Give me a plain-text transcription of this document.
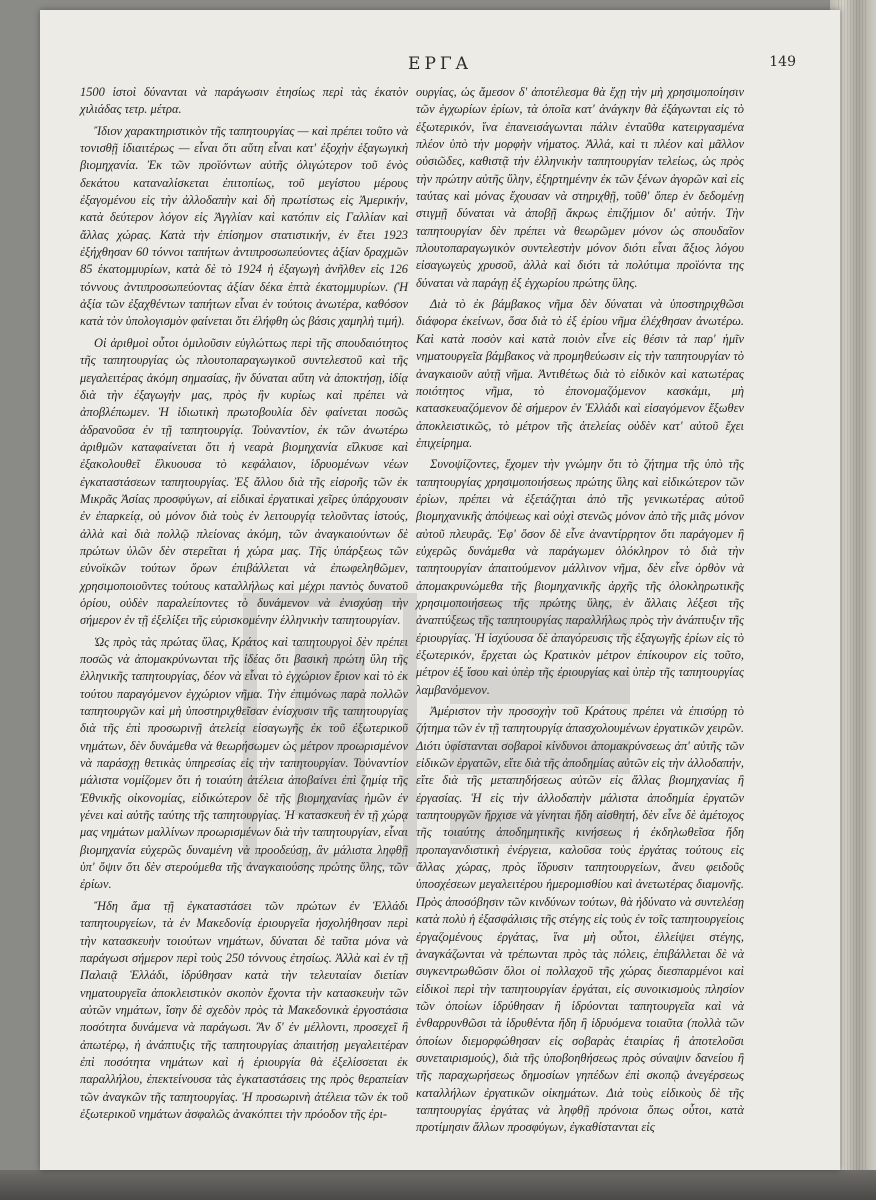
ΕΡΓΑ	149

1500 ἱστοὶ δύνανται νὰ παράγωσιν ἐτησίως περὶ τὰς ἑκατὸν χιλιάδας τετρ. μέτρα.

Ἴδιον χαρακτηριστικὸν τῆς ταπητουργίας — καὶ πρέπει τοῦτο νὰ τονισθῇ ἰδιαιτέρως — εἶναι ὅτι αὕτη εἶναι κατ' ἐξοχὴν ἐξαγωγικὴ βιομηχανία. Ἐκ τῶν προϊόντων αὐτῆς ὀλιγώτερον τοῦ ἑνὸς δεκάτου καταναλίσκεται ἐπιτοπίως, τοῦ μεγίστου μέρους ἐξαγομένου εἰς τὴν ἀλλοδαπὴν καὶ δὴ πρωτίστως εἰς Ἀμερικήν, κατὰ δεύτερον λόγον εἰς Ἀγγλίαν καὶ κατόπιν εἰς Γαλλίαν καὶ ἄλλας χώρας. Κατὰ τὴν ἐπίσημον στατιστικήν, ἐν ἔτει 1923 ἐξήχθησαν 60 τόννοι ταπήτων ἀντιπροσωπεύοντες ἀξίαν δραχμῶν 85 ἑκατομμυρίων, κατὰ δὲ τὸ 1924 ἡ ἐξαγωγὴ ἀνῆλθεν εἰς 126 τόννους ἀντιπροσωπεύοντας ἀξίαν δέκα ἑπτὰ ἑκατομμυρίων. (Ἡ ἀξία τῶν ἐξαχθέντων ταπήτων εἶναι ἐν τούτοις ἀνωτέρα, καθόσον κατὰ τὸν ὑπολογισμὸν φαίνεται ὅτι ἐλήφθη ὡς βάσις χαμηλὴ τιμή).

Οἱ ἀριθμοὶ οὗτοι ὁμιλοῦσιν εὐγλώττως περὶ τῆς σπουδαιότητος τῆς ταπητουργίας ὡς πλουτοπαραγωγικοῦ συντελεστοῦ καὶ τῆς μεγαλειτέρας ἀκόμη σημασίας, ἣν δύναται αὕτη νὰ ἀποκτήσῃ, ἰδίᾳ διὰ τὴν ἐξαγωγὴν μας, πρὸς ἣν κυρίως καὶ πρέπει νὰ ἀποβλέπωμεν. Ἡ ἰδιωτικὴ πρωτοβουλία δὲν φαίνεται ποσῶς ἀδρανοῦσα ἐν τῇ ταπητουργίᾳ. Τοὐναντίον, ἐκ τῶν ἀνωτέρω ἀριθμῶν καταφαίνεται ὅτι ἡ νεαρὰ βιομηχανία εἵλκυσε καὶ ἐξακολουθεῖ ἕλκυουσα τὸ κεφάλαιον, ἱδρυομένων νέων ἐγκαταστάσεων ταπητουργίας. Ἐξ ἄλλου διὰ τῆς εἰσροῆς τῶν ἐκ Μικρᾶς Ἀσίας προσφύγων, αἱ εἰδικαὶ ἐργατικαὶ χεῖρες ὑπάρχουσιν ἐν ἐπαρκείᾳ, οὐ μόνον διὰ τοὺς ἐν λειτουργίᾳ τελοῦντας ἱστούς, ἀλλὰ καὶ διὰ πολλῷ πλείονας ἀκόμη, τῶν ἀναγκαιούντων δὲ πρώτων ὑλῶν δὲν στερεῖται ἡ χώρα μας. Τῆς ὑπάρξεως τῶν εὐνοϊκῶν τούτων ὅρων ἐπιβάλλεται νὰ ἐπωφεληθῶμεν, χρησιμοποιοῦντες τούτους καταλλήλως καὶ μέχρι παντὸς δυνατοῦ ὁρίου, οὐδὲν παραλείποντες τὸ δυνάμενον νὰ ἐνισχύσῃ τὴν σήμερον ἐν τῇ ἐξελίξει τῆς εὐρισκομένην ἑλληνικὴν ταπητουργίαν.

Ὡς πρὸς τὰς πρώτας ὕλας, Κράτος καὶ ταπητουργοὶ δὲν πρέπει ποσῶς νὰ ἀπομακρύνωνται τῆς ἰδέας ὅτι βασικὴ πρώτη ὕλη τῆς ἑλληνικῆς ταπητουργίας, δέον νὰ εἶναι τὸ ἐγχώριον ἔριον καὶ τὸ ἐκ τούτου παραγόμενον ἐγχώριον νῆμα. Τὴν ἐπιμόνως παρὰ πολλῶν ταπητουργῶν καὶ μὴ ὑποστηριχθεῖσαν ἐνίσχυσιν τῆς ταπητουργίας διὰ τῆς ἐπὶ προσωρινῇ ἀτελείᾳ εἰσαγωγῆς ἐκ τοῦ ἐξωτερικοῦ νημάτων, δὲν δυνάμεθα νὰ θεωρήσωμεν ὡς μέτρον προωρισμένον νὰ παράσχῃ θετικὰς ὑπηρεσίας εἰς τὴν ταπητουργίαν. Τοὐναντίον μάλιστα νομίζομεν ὅτι ἡ τοιαύτη ἀτέλεια ἀποβαίνει ἐπὶ ζημίᾳ τῆς Ἐθνικῆς οἰκονομίας, εἰδικώτερον δὲ τῆς βιομηχανίας ἡμῶν ἐν γένει καὶ αὐτῆς ταύτης τῆς ταπητουργίας. Ἡ κατασκευὴ ἐν τῇ χώρᾳ μας νημάτων μαλλίνων προωρισμένων διὰ τὴν ταπητουργίαν, εἶναι βιομηχανία εὐχερῶς δυναμένη νὰ προοδεύσῃ, ἂν μάλιστα ληφθῇ ὑπ' ὄψιν ὅτι δὲν στερούμεθα τῆς ἀναγκαιούσης πρώτης ὕλης, τῶν ἐρίων.

Ἤδη ἅμα τῇ ἐγκαταστάσει τῶν πρώτων ἐν Ἑλλάδι ταπητουργείων, τὰ ἐν Μακεδονίᾳ ἐριουργεῖα ἠσχολήθησαν περὶ τὴν κατασκευὴν τοιούτων νημάτων, δύναται δὲ ταῦτα μόνα νὰ παράγωσι σήμερον περὶ τοὺς 250 τόννους ἐτησίως. Ἀλλὰ καὶ ἐν τῇ Παλαιᾷ Ἑλλάδι, ἱδρύθησαν κατὰ τὴν τελευταίαν διετίαν νηματουργεῖα ἀποκλειστικὸν σκοπὸν ἔχοντα τὴν κατασκευὴν τῶν αὐτῶν νημάτων, ἴσην δὲ σχεδὸν πρὸς τὰ Μακεδονικὰ ἐργοστάσια ποσότητα δυνάμενα νὰ παράγωσι. Ἂν δ' ἐν μέλλοντι, προσεχεῖ ἢ ἀπωτέρῳ, ἡ ἀνάπτυξις τῆς ταπητουργίας ἀπαιτήσῃ μεγαλειτέραν ἐπὶ ποσότητα νημάτων καὶ ἡ ἐριουργία θὰ ἐξελίσσεται ἐκ παραλλήλου, ἐπεκτείνουσα τὰς ἐγκαταστάσεις της πρὸς θεραπείαν τῶν ἀναγκῶν τῆς ταπητουργίας. Ἡ προσωρινὴ ἀτέλεια τῶν ἐκ τοῦ ἐξωτερικοῦ νημάτων ἀσφαλῶς ἀνακόπτει τὴν πρόοδον τῆς ἐρι-

ουργίας, ὡς ἄμεσον δ' ἀποτέλεσμα θὰ ἔχῃ τὴν μὴ χρησιμοποίησιν τῶν ἐγχωρίων ἐρίων, τὰ ὁποῖα κατ' ἀνάγκην θὰ ἐξάγωνται εἰς τὸ ἐξωτερικόν, ἵνα ἐπανεισάγωνται πάλιν ἐνταῦθα κατειργασμένα πλέον ὑπὸ τὴν μορφὴν νήματος. Ἀλλά, καὶ τι πλέον καὶ μᾶλλον οὐσιῶδες, καθιστᾷ τὴν ἑλληνικὴν ταπητουργίαν τελείως, ὡς πρὸς τὴν πρώτην αὐτῆς ὕλην, ἐξηρτημένην ἐκ τῶν ξένων ἀγορῶν καὶ εἰς ταύτας καὶ μόνας ἔχουσαν νὰ στηριχθῇ, τοῦθ' ὅπερ ἐν δεδομένῃ στιγμῇ δύναται νὰ ἀποβῇ ἄκρως ἐπιζήμιον δι' αὐτήν. Τὴν ταπητουργίαν δὲν πρέπει νὰ θεωρῶμεν μόνον ὡς σπουδαῖον πλουτοπαραγωγικὸν συντελεστὴν μόνον διότι εἶναι ἄξιος λόγου εἰσαγωγεὺς χρυσοῦ, ἀλλὰ καὶ διότι τὰ πολύτιμα προϊόντα της δύναται νὰ παράγῃ ἐξ ἐγχωρίου πρώτης ὕλης.

Διὰ τὸ ἐκ βάμβακος νῆμα δὲν δύναται νὰ ὑποστηριχθῶσι διάφορα ἐκείνων, ὅσα διὰ τὸ ἐξ ἐρίου νῆμα ἐλέχθησαν ἀνωτέρω. Καὶ κατὰ ποσὸν καὶ κατὰ ποιὸν εἶνε εἰς θέσιν τὰ παρ' ἡμῖν νηματουργεῖα βάμβακος νὰ προμηθεύωσιν εἰς τὴν ταπητουργίαν τὸ ἀναγκαιοῦν αὐτῇ νῆμα. Ἀντιθέτως διὰ τὸ εἰδικὸν καὶ κατωτέρας ποιότητος νῆμα, τὸ ἐπονομαζόμενον κασκάμι, μὴ κατασκευαζόμενον δὲ σήμερον ἐν Ἑλλάδι καὶ εἰσαγόμενον ἔξωθεν ἀποκλειστικῶς, τὸ μέτρον τῆς ἀτελείας οὐδὲν κατ' αὐτοῦ ἔχει ἐπιχείρημα.

Συνοψίζοντες, ἔχομεν τὴν γνώμην ὅτι τὸ ζήτημα τῆς ὑπὸ τῆς ταπητουργίας χρησιμοποιήσεως πρώτης ὕλης καὶ εἰδικώτερον τῶν ἐρίων, πρέπει νὰ ἐξετάζηται ἀπὸ τῆς γενικωτέρας αὐτοῦ βιομηχανικῆς ἀπόψεως καὶ οὐχὶ στενῶς μόνον ἀπὸ τῆς μιᾶς μόνον αὐτοῦ πλευρᾶς. Ἐφ' ὅσον δὲ εἶνε ἀναντίρρητον ὅτι παράγομεν ἢ εὐχερῶς δυνάμεθα νὰ παράγωμεν ὁλόκληρον τὸ διὰ τὴν ταπητουργίαν ἀπαιτούμενον μάλλινον νῆμα, δὲν εἶνε ὀρθὸν νὰ ἀπομακρυνώμεθα τῆς βιομηχανικῆς ἀρχῆς τῆς ὁλοκληρωτικῆς χρησιμοποιήσεως τῆς πρώτης ὕλης, ἐν ἄλλαις λέξεσι τῆς ἀναπτύξεως τῆς ταπητουργίας παραλλήλως πρὸς τὴν ἀνάπτυξιν τῆς ἐριουργίας. Ἡ ἰσχύουσα δὲ ἀπαγόρευσις τῆς ἐξαγωγῆς ἐρίων εἰς τὸ ἐξωτερικόν, ἔρχεται ὡς Κρατικὸν μέτρον ἐπίκουρον εἰς τοῦτο, μέτρον ἐξ ἴσου καὶ ὑπὲρ τῆς ἐριουργίας καὶ ὑπὲρ τῆς ταπητουργίας λαμβανόμενον.

Ἀμέριστον τὴν προσοχὴν τοῦ Κράτους πρέπει νὰ ἐπισύρῃ τὸ ζήτημα τῶν ἐν τῇ ταπητουργίᾳ ἀπασχολουμένων ἐργατικῶν χειρῶν. Διότι ὑφίστανται σοβαροὶ κίνδυνοι ἀπομακρύνσεως ἀπ' αὐτῆς τῶν εἰδικῶν ἐργατῶν, εἴτε διὰ τῆς ἀποδημίας αὐτῶν εἰς τὴν ἀλλοδαπήν, εἴτε διὰ τῆς μεταπηδήσεως αὐτῶν εἰς ἄλλας βιομηχανίας ἢ ἐργασίας. Ἡ εἰς τὴν ἀλλοδαπὴν μάλιστα ἀποδημία ἐργατῶν ταπητουργῶν ἤρχισε νὰ γίνηται ἤδη αἰσθητή, δὲν εἶνε δὲ ἀμέτοχος τῆς τοιαύτης ἀποδημητικῆς κινήσεως ἡ ἐκδηλωθεῖσα ἤδη προπαγανδιστικὴ ἐνέργεια, καλοῦσα τοὺς ἐργάτας τούτους εἰς ἄλλας χώρας, πρὸς ἵδρυσιν ταπητουργείων, ἄνευ φειδοῦς ὑποσχέσεων μεγαλειτέρου ἡμερομισθίου καὶ ἀνετωτέρας διαμονῆς. Πρὸς ἀποσόβησιν τῶν κινδύνων τούτων, θὰ ἠδύνατο νὰ συντελέσῃ κατὰ πολὺ ἡ ἐξασφάλισις τῆς στέγης εἰς τοὺς ἐν τοῖς ταπητουργείοις ἐργαζομένους ἐργάτας, ἵνα μὴ οὗτοι, ἐλλείψει στέγης, ἀναγκάζωνται νὰ τρέπωνται πρὸς τὰς πόλεις, ἐπιβάλλεται δὲ νὰ συγκεντρωθῶσιν ὅλοι οἱ πολλαχοῦ τῆς χώρας διεσπαρμένοι καὶ εἰδικοὶ περὶ τὴν ταπητουργίαν ἐργάται, εἰς συνοικισμοὺς πλησίον τῶν ὁποίων ἱδρύθησαν ἢ ἱδρύονται ταπητουργεῖα καὶ νὰ ἐνθαρρυνθῶσι τὰ ἱδρυθέντα ἤδη ἢ ἱδρυόμενα τοιαῦτα (πολλὰ τῶν ὁποίων διεμορφώθησαν εἰς σοβαρὰς ἑταιρίας ἢ ἀποτελοῦσι συνεταιρισμούς), διὰ τῆς ὑποβοηθήσεως πρὸς σύναψιν δανείου ἢ τῆς παραχωρήσεως δημοσίων γηπέδων ἐπὶ σκοπῷ ἀνεγέρσεως καταλλήλων ἐργατικῶν οἰκημάτων. Διὰ τοὺς εἰδικοὺς δὲ τῆς ταπητουργίας ἐργάτας νὰ ληφθῇ πρόνοια ὅπως οὗτοι, κατὰ προτίμησιν ἄλλων προσφύγων, ἐγκαθίστανται εἰς
